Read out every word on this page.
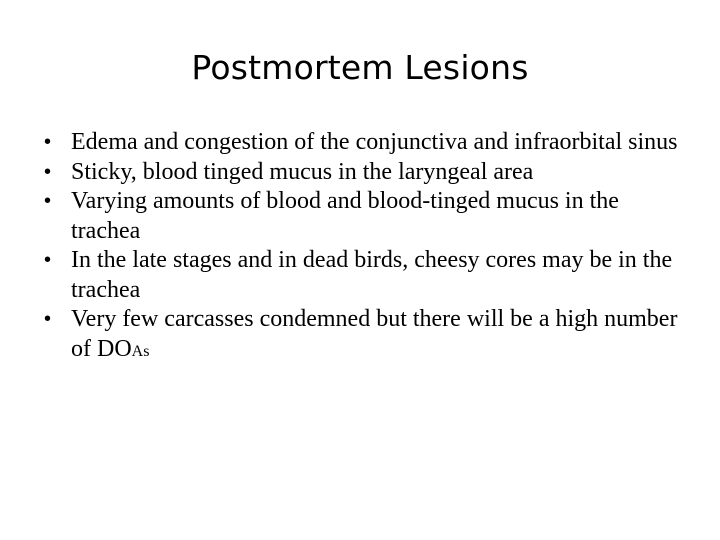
Postmortem Lesions
• Edema and congestion of the conjunctiva and infraorbital sinus
• Sticky, blood tinged mucus in the laryngeal area
• Varying amounts of blood and blood-tinged mucus in the trachea
• In the late stages and in dead birds, cheesy cores may be in the trachea
• Very few carcasses condemned but there will be a high number of DOAs
